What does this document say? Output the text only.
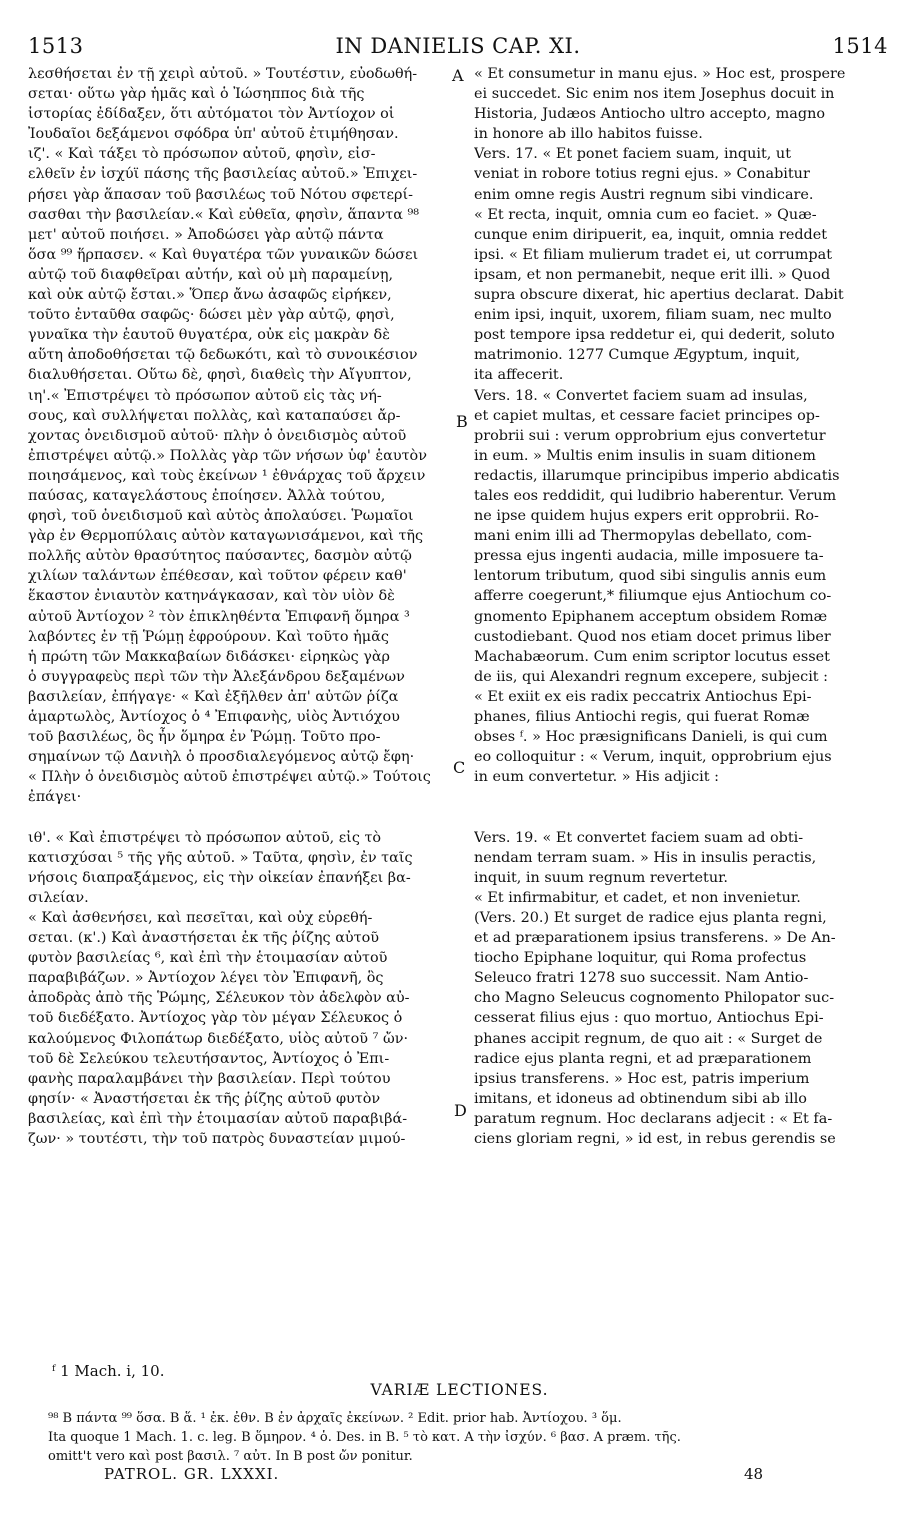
1513	IN DANIELIS CAP. XI.	1514
λεσθήσεται ἐν τῇ χειρὶ αὐτοῦ. » Τουτέστιν, εὐοδωθή-
σεται· οὕτω γὰρ ἡμᾶς καὶ ὁ Ἰώσηππος διὰ τῆς
ἱστορίας ἐδίδαξεν, ὅτι αὐτόματοι τὸν Ἀντίοχον οἱ
Ἰουδαῖοι δεξάμενοι σφόδρα ὑπ' αὐτοῦ ἐτιμήθησαν.
ιζ'. « Καὶ τάξει τὸ πρόσωπον αὐτοῦ, φησὶν, εἰσ-
ελθεῖν ἐν ἰσχύϊ πάσης τῆς βασιλείας αὐτοῦ.» Ἐπιχει-
ρήσει γὰρ ἅπασαν τοῦ βασιλέως τοῦ Νότου σφετερί-
σασθαι τὴν βασιλείαν.« Καὶ εὐθεῖα, φησὶν, ἅπαντα ⁹⁸
μετ' αὐτοῦ ποιήσει. » Ἀποδώσει γὰρ αὐτῷ πάντα
ὅσα ⁹⁹ ἥρπασεν. « Καὶ θυγατέρα τῶν γυναικῶν δώσει
αὐτῷ τοῦ διαφθεῖραι αὐτήν, καὶ οὐ μὴ παραμείνῃ,
καὶ οὐκ αὐτῷ ἔσται.» Ὅπερ ἄνω ἀσαφῶς εἰρήκεν,
τοῦτο ἐνταῦθα σαφῶς· δώσει μὲν γὰρ αὐτῷ, φησὶ,
γυναῖκα τὴν ἑαυτοῦ θυγατέρα, οὐκ εἰς μακρὰν δὲ
αὕτη ἀποδοθήσεται τῷ δεδωκότι, καὶ τὸ συνοικέσιον
διαλυθήσεται. Οὕτω δὲ, φησὶ, διαθεὶς τὴν Αἴγυπτον,
ιη'.« Ἐπιστρέψει τὸ πρόσωπον αὐτοῦ εἰς τὰς νή-
σους, καὶ συλλήψεται πολλὰς, καὶ καταπαύσει ἄρ-
χοντας ὀνειδισμοῦ αὐτοῦ· πλὴν ὁ ὀνειδισμὸς αὐτοῦ
ἐπιστρέψει αὐτῷ.» Πολλὰς γὰρ τῶν νήσων ὑφ' ἑαυτὸν
ποιησάμενος, καὶ τοὺς ἐκείνων ¹ ἐθνάρχας τοῦ ἄρχειν
παύσας, καταγελάστους ἐποίησεν. Ἀλλὰ τούτου,
φησὶ, τοῦ ὀνειδισμοῦ καὶ αὐτὸς ἀπολαύσει. Ῥωμαῖοι
γὰρ ἐν Θερμοπύλαις αὐτὸν καταγωνισάμενοι, καὶ τῆς
πολλῆς αὐτὸν θρασύτητος παύσαντες, δασμὸν αὐτῷ
χιλίων ταλάντων ἐπέθεσαν, καὶ τοῦτον φέρειν καθ'
ἕκαστον ἐνιαυτὸν κατηνάγκασαν, καὶ τὸν υἱὸν δὲ
αὐτοῦ Ἀντίοχον ² τὸν ἐπικληθέντα Ἐπιφανῆ ὅμηρα ³
λαβόντες ἐν τῇ Ῥώμῃ ἐφρούρουν. Καὶ τοῦτο ἡμᾶς
ἡ πρώτη τῶν Μακκαβαίων διδάσκει· εἰρηκὼς γὰρ
ὁ συγγραφεὺς περὶ τῶν τὴν Ἀλεξάνδρου δεξαμένων
βασιλείαν, ἐπήγαγε· « Καὶ ἐξῆλθεν ἀπ' αὐτῶν ῥίζα
ἁμαρτωλὸς, Ἀντίοχος ὁ ⁴ Ἐπιφανὴς, υἱὸς Ἀντιόχου
τοῦ βασιλέως, ὃς ἦν ὅμηρα ἐν Ῥώμῃ. Τοῦτο προ-
σημαίνων τῷ Δανιὴλ ὁ προσδιαλεγόμενος αὐτῷ ἔφη·
« Πλὴν ὁ ὀνειδισμὸς αὐτοῦ ἐπιστρέψει αὐτῷ.» Τούτοις
ἐπάγει·
ιθ'. « Καὶ ἐπιστρέψει τὸ πρόσωπον αὐτοῦ, εἰς τὸ
κατισχύσαι ⁵ τῆς γῆς αὐτοῦ. » Ταῦτα, φησὶν, ἐν ταῖς
νήσοις διαπραξάμενος, εἰς τὴν οἰκείαν ἐπανήξει βα-
σιλείαν.
« Καὶ ἀσθενήσει, καὶ πεσεῖται, καὶ οὐχ εὑρεθή-
σεται. (κ'.) Καὶ ἀναστήσεται ἐκ τῆς ῥίζης αὐτοῦ
φυτὸν βασιλείας ⁶, καὶ ἐπὶ τὴν ἑτοιμασίαν αὐτοῦ
παραβιβάζων. » Ἀντίοχον λέγει τὸν Ἐπιφανῆ, ὃς
ἀποδρὰς ἀπὸ τῆς Ῥώμης, Σέλευκον τὸν ἀδελφὸν αὐ-
τοῦ διεδέξατο. Ἀντίοχος γὰρ τὸν μέγαν Σέλευκος ὁ
καλούμενος Φιλοπάτωρ διεδέξατο, υἱὸς αὐτοῦ ⁷ ὤν·
τοῦ δὲ Σελεύκου τελευτήσαντος, Ἀντίοχος ὁ Ἐπι-
φανὴς παραλαμβάνει τὴν βασιλείαν. Περὶ τούτου
φησίν· « Ἀναστήσεται ἐκ τῆς ῥίζης αὐτοῦ φυτὸν
βασιλείας, καὶ ἐπὶ τὴν ἑτοιμασίαν αὐτοῦ παραβιβά-
ζων· » τουτέστι, τὴν τοῦ πατρὸς δυναστείαν μιμού-
« Et consumetur in manu ejus. » Hoc est, prospere
ei succedet. Sic enim nos item Josephus docuit in
Historia, Judæos Antiocho ultro accepto, magno
in honore ab illo habitos fuisse.
Vers. 17. « Et ponet faciem suam, inquit, ut
veniat in robore totius regni ejus. » Conabitur
enim omne regis Austri regnum sibi vindicare.
« Et recta, inquit, omnia cum eo faciet. » Quæ-
cunque enim diripuerit, ea, inquit, omnia reddet
ipsi. « Et filiam mulierum tradet ei, ut corrumpat
ipsam, et non permanebit, neque erit illi. » Quod
supra obscure dixerat, hic apertius declarat. Dabit
enim ipsi, inquit, uxorem, filiam suam, nec multo
post tempore ipsa reddetur ei, qui dederit, soluto
matrimonio. 1277 Cumque Ægyptum, inquit,
ita affecerit.
Vers. 18. « Convertet faciem suam ad insulas,
et capiet multas, et cessare faciet principes op-
probrii sui : verum opprobrium ejus convertetur
in eum. » Multis enim insulis in suam ditionem
redactis, illarumque principibus imperio abdicatis
tales eos reddidit, qui ludibrio haberentur. Verum
ne ipse quidem hujus expers erit opprobrii. Ro-
mani enim illi ad Thermopylas debellato, com-
pressa ejus ingenti audacia, mille imposuere ta-
lentorum tributum, quod sibi singulis annis eum
afferre coegerunt,* filiumque ejus Antiochum co-
gnomento Epiphanem acceptum obsidem Romæ
custodiebant. Quod nos etiam docet primus liber
Machabæorum. Cum enim scriptor locutus esset
de iis, qui Alexandri regnum excepere, subjecit :
« Et exiit ex eis radix peccatrix Antiochus Epi-
phanes, filius Antiochi regis, qui fuerat Romæ
obses ᶠ. » Hoc præsignificans Danieli, is qui cum
eo colloquitur : « Verum, inquit, opprobrium ejus
in eum convertetur. » His adjicit :
Vers. 19. « Et convertet faciem suam ad obti-
nendam terram suam. » His in insulis peractis,
inquit, in suum regnum revertetur.
« Et infirmabitur, et cadet, et non invenietur.
(Vers. 20.) Et surget de radice ejus planta regni,
et ad præparationem ipsius transferens. » De An-
tiocho Epiphane loquitur, qui Roma profectus
Seleuco fratri 1278 suo successit. Nam Antio-
cho Magno Seleucus cognomento Philopator suc-
cesserat filius ejus : quo mortuo, Antiochus Epi-
phanes accipit regnum, de quo ait : « Surget de
radice ejus planta regni, et ad præparationem
ipsius transferens. » Hoc est, patris imperium
imitans, et idoneus ad obtinendum sibi ab illo
paratum regnum. Hoc declarans adjecit : « Et fa-
ciens gloriam regni, » id est, in rebus gerendis se
A
B
C
D
ᶠ 1 Mach. i, 10.
VARIÆ LECTIONES.
⁹⁸ B πάντα ⁹⁹ ὅσα. B ἅ. ¹ ἐκ. ἐθν. B ἐν ἀρχαῖς ἐκείνων. ² Edit. prior hab. Ἀντίοχου. ³ ὅμ.
Ita quoque 1 Mach. 1. c. leg. B ὅμηρον. ⁴ ὁ. Des. in B. ⁵ τὸ κατ. A τὴν ἰσχύν. ⁶ βασ. A præm. τῆς.
omitt't vero καὶ post βασιλ. ⁷ αὐτ. In B post ὤν ponitur.
PATROL. GR. LXXXI.	48
